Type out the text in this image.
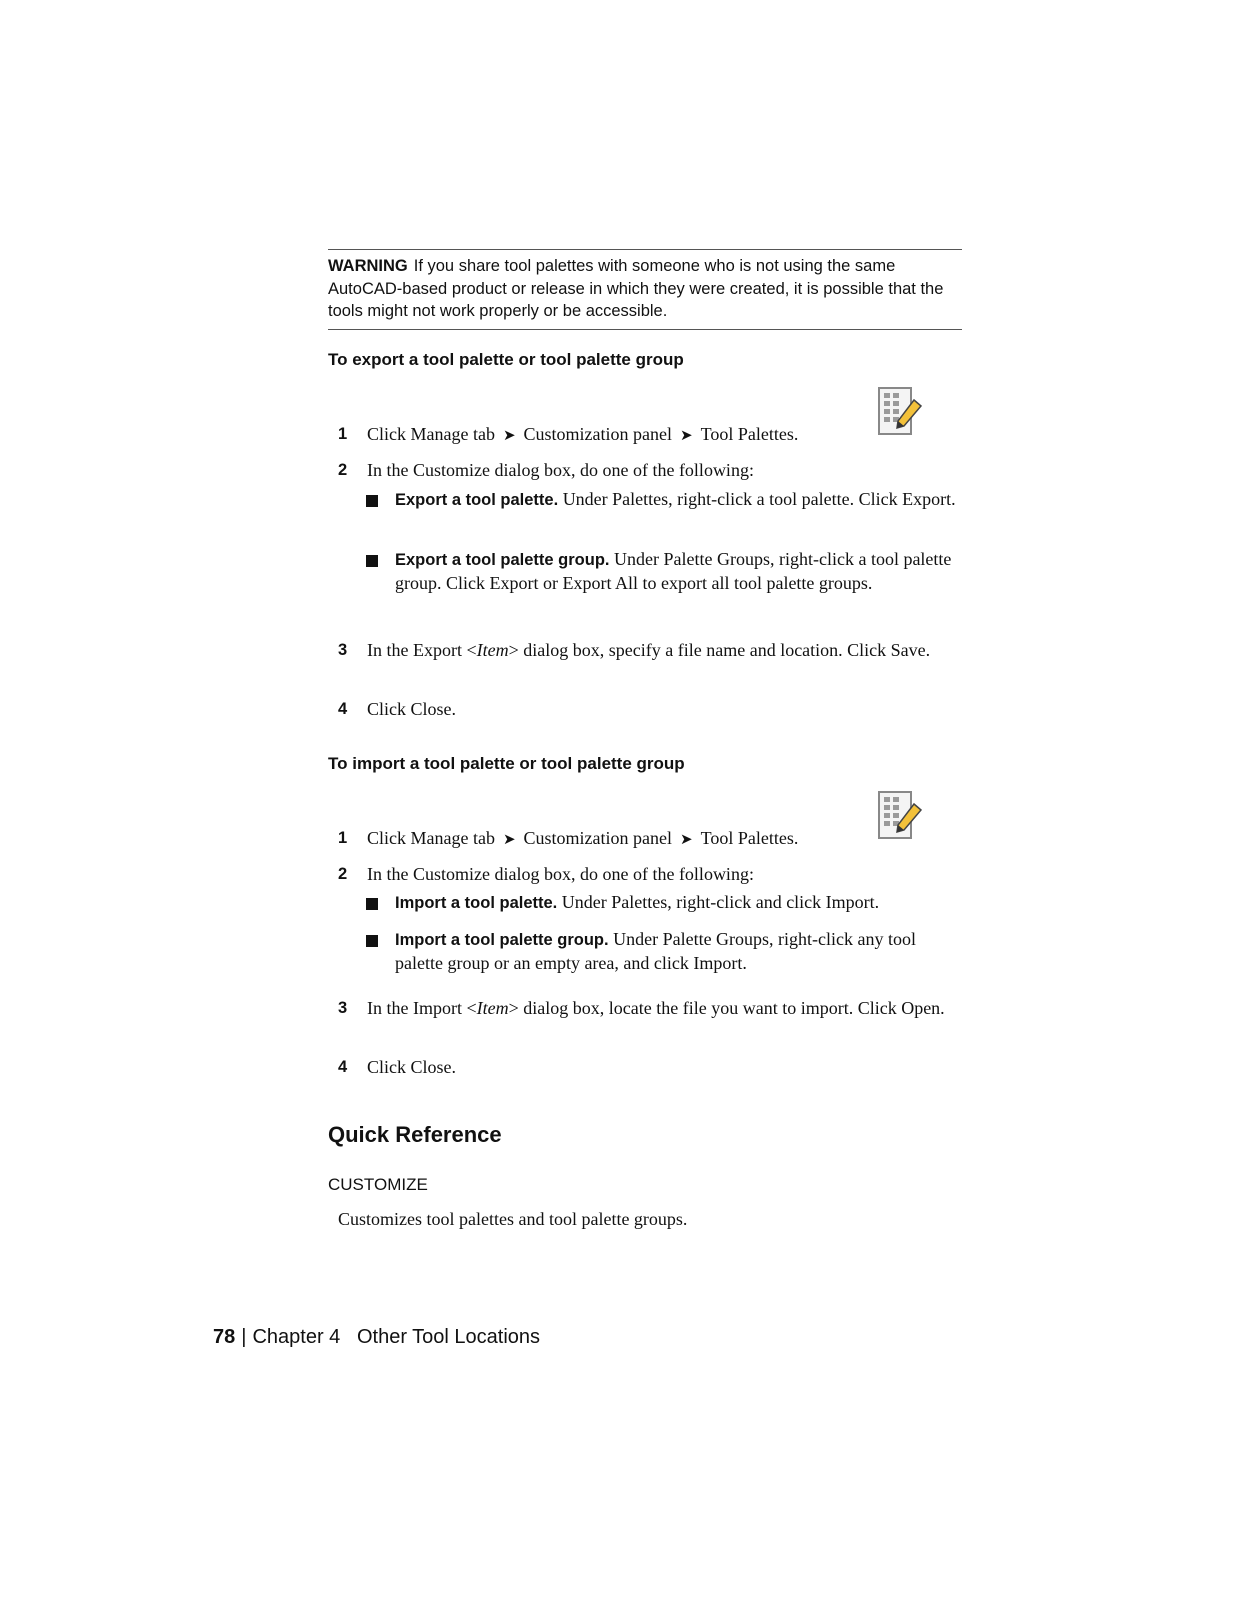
WARNING If you share tool palettes with someone who is not using the same AutoCAD-based product or release in which they were created, it is possible that the tools might not work properly or be accessible.
To export a tool palette or tool palette group
1 Click Manage tab ➤ Customization panel ➤ Tool Palettes.
2 In the Customize dialog box, do one of the following:
Export a tool palette. Under Palettes, right-click a tool palette. Click Export.
Export a tool palette group. Under Palette Groups, right-click a tool palette group. Click Export or Export All to export all tool palette groups.
3 In the Export <Item> dialog box, specify a file name and location. Click Save.
4 Click Close.
To import a tool palette or tool palette group
1 Click Manage tab ➤ Customization panel ➤ Tool Palettes.
2 In the Customize dialog box, do one of the following:
Import a tool palette. Under Palettes, right-click and click Import.
Import a tool palette group. Under Palette Groups, right-click any tool palette group or an empty area, and click Import.
3 In the Import <Item> dialog box, locate the file you want to import. Click Open.
4 Click Close.
Quick Reference
CUSTOMIZE
Customizes tool palettes and tool palette groups.
78 | Chapter 4 Other Tool Locations
